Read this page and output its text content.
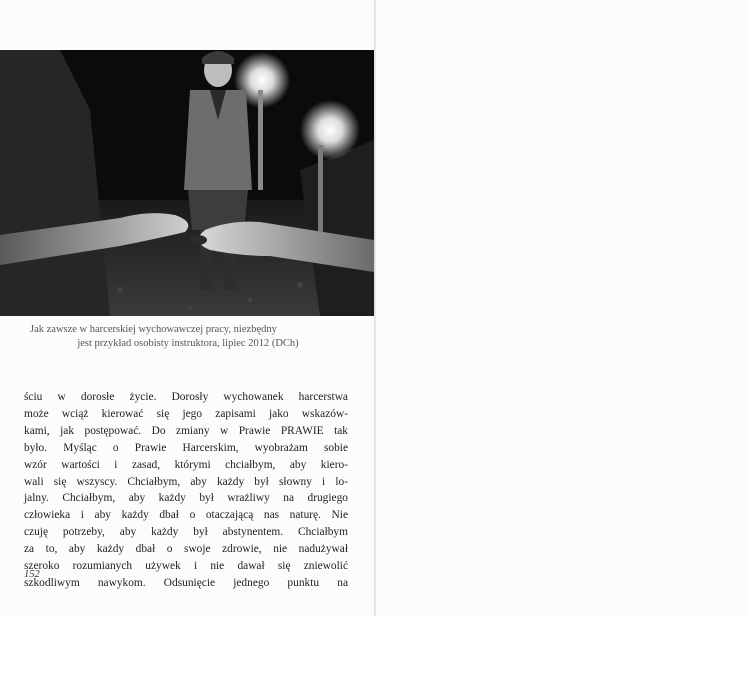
Jak zawsze w harcerskiej wychowawczej pracy, niezbędny
jest przykład osobisty instruktora, lipiec 2012 (DCh)
ściu w dorosłe życie. Dorosły wychowanek harcerstwa
może wciąż kierować się jego zapisami jako wskazów-
kami, jak postępować. Do zmiany w Prawie PRAWIE tak
było. Myśląc o Prawie Harcerskim, wyobrażam sobie
wzór wartości i zasad, którymi chciałbym, aby kiero-
wali się wszyscy. Chciałbym, aby każdy był słowny i lo-
jalny. Chciałbym, aby każdy był wrażliwy na drugiego
człowieka i aby każdy dbał o otaczającą nas naturę. Nie
czuję potrzeby, aby każdy był abstynentem. Chciałbym
za to, aby każdy dbał o swoje zdrowie, nie nadużywał
szeroko rozumianych używek i nie dawał się zniewolić
szkodliwym nawykom. Odsunięcie jednego punktu na
152
